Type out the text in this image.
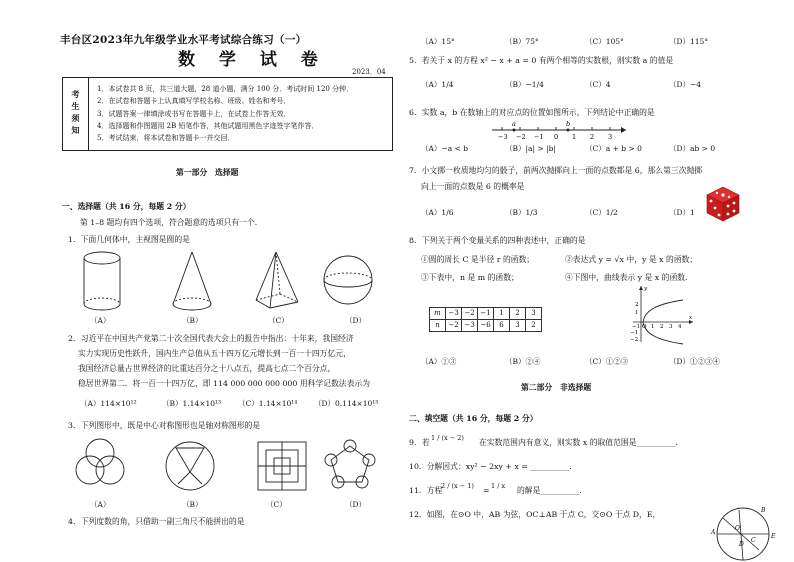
丰台区2023年九年级学业水平考试综合练习（一）
数 学 试 卷
2023．04
考
生
须
知
1．本试卷共 8 页，共三道大题，28 道小题，满分 100 分．考试时间 120 分钟．
2．在试卷和答题卡上认真填写学校名称、班级、姓名和考号．
3．试题答案一律填涂或书写在答题卡上，在试卷上作答无效．
4．选择题和作图题用 2B 铅笔作答，其他试题用黑色字迹签字笔作答．
5．考试结束，将本试卷和答题卡一并交回．
第一部分　选择题
一、选择题（共 16 分，每题 2 分）
第 1–8 题均有四个选项，符合题意的选项只有一个．
1．下面几何体中，主视图是圆的是
（A）	（B）	（C）	（D）
2．习近平在中国共产党第二十次全国代表大会上的报告中指出：十年来，我国经济
实力实现历史性跃升，国内生产总值从五十四万亿元增长到一百一十四万亿元，
我国经济总量占世界经济的比重达百分之十八点五，提高七点二个百分点，
稳居世界第二．将一百一十四万亿，即 114 000 000 000 000 用科学记数法表示为
（A）114×10¹²	（B）1.14×10¹³ （C）1.14×10¹⁴ （D）0.114×10¹⁵
3．下列图形中，既是中心对称图形也是轴对称图形的是
（A）	（B）	（C）	（D）
4．下列度数的角，只借助一副三角尺不能拼出的是
（A）15°	（B）75°	（C）105°	（D）115°
5．若关于 x 的方程 x² − x + a = 0 有两个相等的实数根，则实数 a 的值是
（A）1/4	（B）−1/4	（C）4	（D）−4
6．实数 a，b 在数轴上的对应点的位置如图所示，下列结论中正确的是
a	b
−3 −2 −1 0 1 2 3
（A）−a < b	（B）|a| > |b|	（C）a + b > 0	（D）ab > 0
7．小文掷一枚质地均匀的骰子，前两次抛掷向上一面的点数都是 6，那么第三次抛掷
向上一面的点数是 6 的概率是
（A）1/6	（B）1/3	（C）1/2	（D）1
8．下列关于两个变量关系的四种表述中，正确的是
①圆的周长 C 是半径 r 的函数；	②表达式 y = √x 中，y 是 x 的函数；
③下表中，n 是 m 的函数；	④下图中，曲线表示 y 是 x 的函数．
m	−3	−2	−1	1	2	3
n	−2	−3	−6	6	3	2	−1 O 1 2 3 4
2
1
−1
−2
x
y
（A）①③	（B）②④	（C）①②③	（D）①②③④
第二部分　非选择题
二、填空题（共 16 分，每题 2 分）
9．若 1 / (x − 2) 在实数范围内有意义，则实数 x 的取值范围是__________．
10．分解因式：xy² − 2xy + x = __________．
11．方程
2 / (x − 1) = 1 / x 的解是__________．
12．如图，在⊙O 中，AB 为弦，OC⊥AB 于点 C，交⊙O 于点 D，E，
A
B
O
C
D
E
